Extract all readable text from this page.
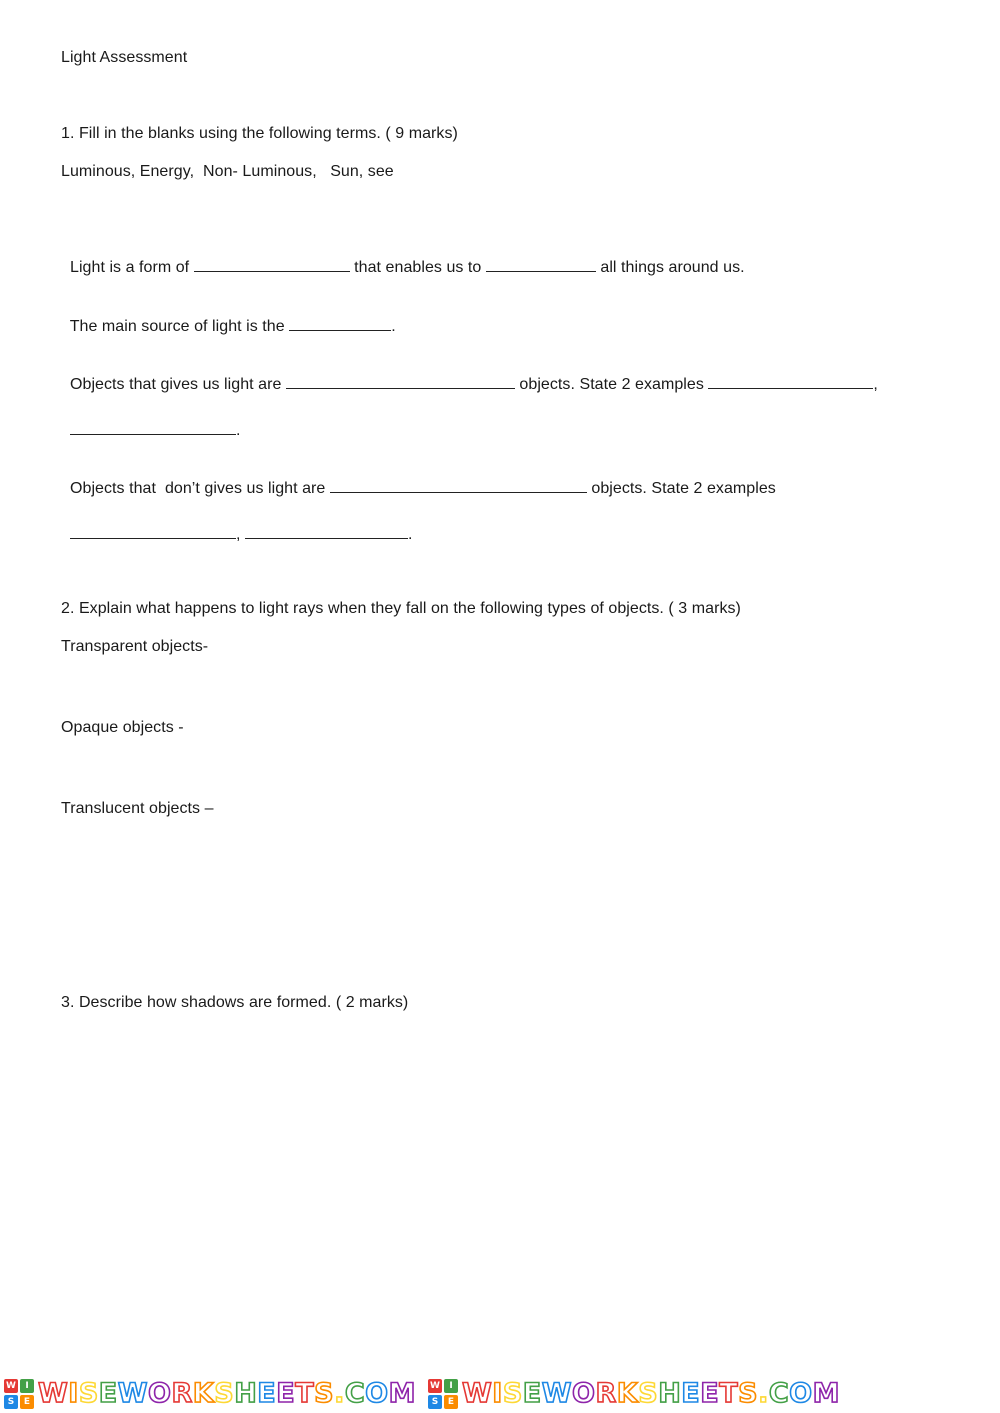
Light Assessment
1. Fill in the blanks using the following terms. ( 9 marks)
Luminous, Energy,  Non- Luminous,   Sun, see

Light is a form of	that enables us to	all things around us.

The main source of light is the	.

Objects that gives us light are	objects. State 2 examples	,

.

Objects that  don’t gives us light are	objects. State 2 examples

,	.

2. Explain what happens to light rays when they fall on the following types of objects. ( 3 marks)
Transparent objects-
Opaque objects -
Translucent objects –
3. Describe how shadows are formed. ( 2 marks)
W	I
S	E W I S E W O R K S H E E T S . C O M W	I
S	E W I S E W O R K S H E E T S . C O M
